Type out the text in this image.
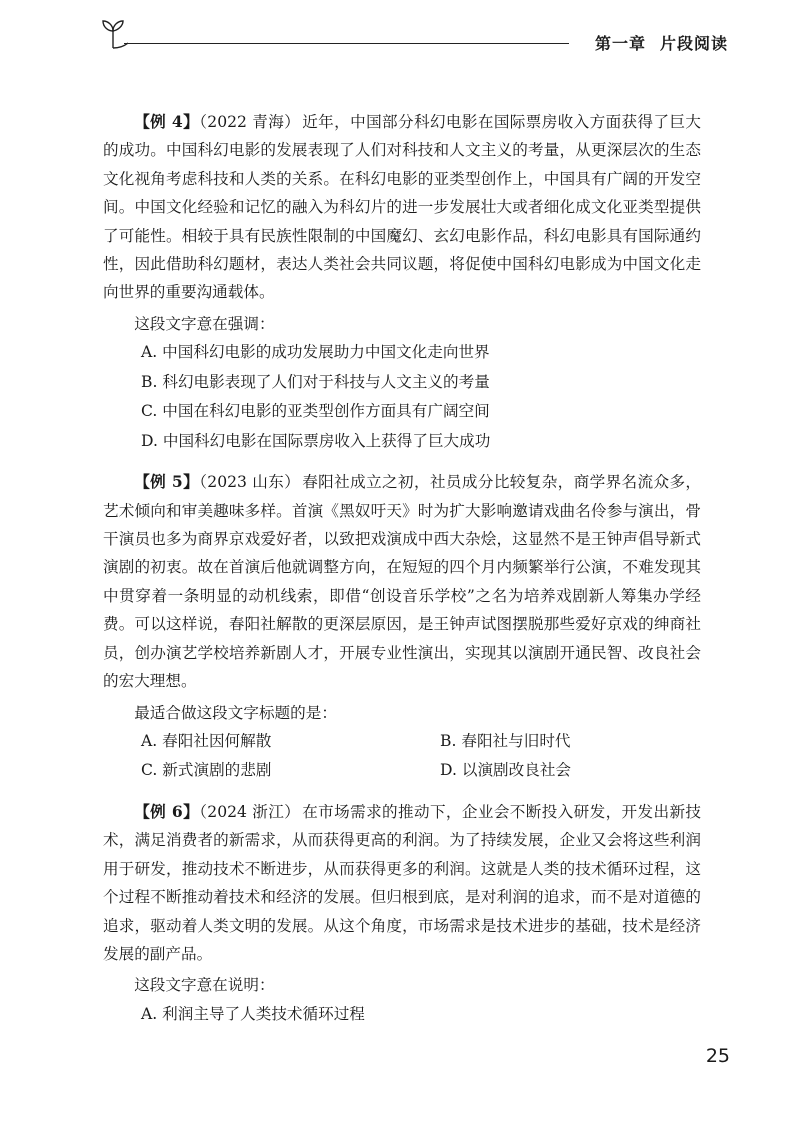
第一章 片段阅读

【例 4】（2022 青海） 近年，中国部分科幻电影在国际票房收入方面获得了巨大的成功。中国科幻电影的发展表现了人们对科技和人文主义的考量，从更深层次的生态文化视角考虑科技和人类的关系。在科幻电影的亚类型创作上，中国具有广阔的开发空间。中国文化经验和记忆的融入为科幻片的进一步发展壮大或者细化成文化亚类型提供了可能性。相较于具有民族性限制的中国魔幻、玄幻电影作品，科幻电影具有国际通约性，因此借助科幻题材，表达人类社会共同议题，将促使中国科幻电影成为中国文化走向世界的重要沟通载体。

这段文字意在强调：

A. 中国科幻电影的成功发展助力中国文化走向世界
B. 科幻电影表现了人们对于科技与人文主义的考量
C. 中国在科幻电影的亚类型创作方面具有广阔空间
D. 中国科幻电影在国际票房收入上获得了巨大成功

【例 5】（2023 山东） 春阳社成立之初，社员成分比较复杂，商学界名流众多，艺术倾向和审美趣味多样。首演《黑奴吁天》时为扩大影响邀请戏曲名伶参与演出，骨干演员也多为商界京戏爱好者，以致把戏演成中西大杂烩，这显然不是王钟声倡导新式演剧的初衷。故在首演后他就调整方向，在短短的四个月内频繁举行公演，不难发现其中贯穿着一条明显的动机线索，即借“创设音乐学校”之名为培养戏剧新人筹集办学经费。可以这样说，春阳社解散的更深层原因，是王钟声试图摆脱那些爱好京戏的绅商社员，创办演艺学校培养新剧人才，开展专业性演出，实现其以演剧开通民智、改良社会的宏大理想。

最适合做这段文字标题的是：

A. 春阳社因何解散	B. 春阳社与旧时代
C. 新式演剧的悲剧	D. 以演剧改良社会

【例 6】（2024 浙江） 在市场需求的推动下，企业会不断投入研发，开发出新技术，满足消费者的新需求，从而获得更高的利润。为了持续发展，企业又会将这些利润用于研发，推动技术不断进步，从而获得更多的利润。这就是人类的技术循环过程，这个过程不断推动着技术和经济的发展。但归根到底，是对利润的追求，而不是对道德的追求，驱动着人类文明的发展。从这个角度，市场需求是技术进步的基础，技术是经济发展的副产品。

这段文字意在说明：

A. 利润主导了人类技术循环过程
25
